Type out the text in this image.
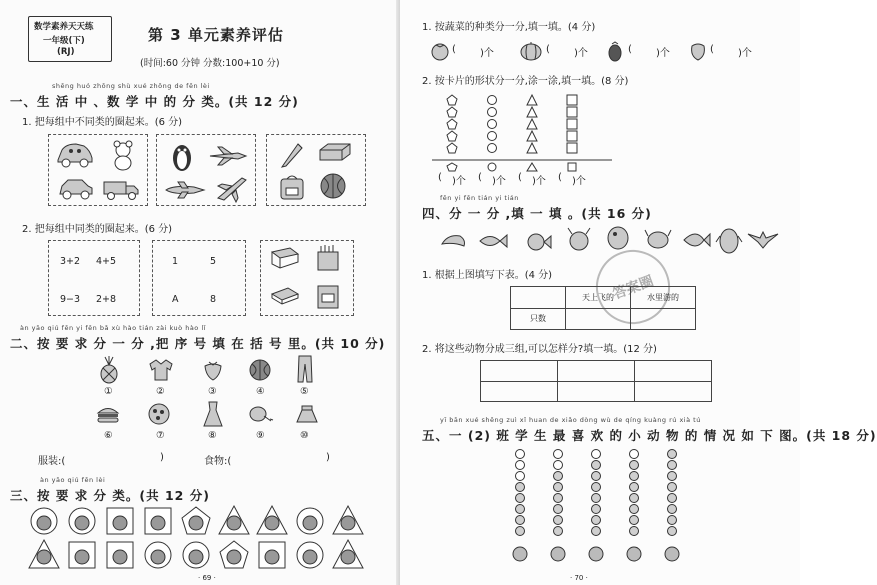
数学素养天天练
一年级(下)
(RJ)
第 3 单元素养评估
(时间:60 分钟 分数:100+10 分)
shēng huó zhōng shù xué zhōng de fēn lèi
一、生 活 中 、数 学 中 的 分 类。(共 12 分)
1. 把每组中不同类的圈起来。(6 分)
2. 把每组中同类的圈起来。(6 分)
3+2 4+5
9−3 2+8
1	5
A	8
àn yāo qiú fēn yi fēn bǎ xù hào tián zài kuò hào lǐ
二、按 要 求 分 一 分 ,把 序 号 填 在 括 号 里。(共 10 分)
①	②	③	④	⑤
⑥	⑦	⑧	⑨	⑩
服装:(	)	食物:(	)
àn yāo qiú fēn lèi
三、按 要 求 分 类。(共 12 分)
· 69 ·
1. 按蔬菜的种类分一分,填一填。(4 分)
( )个	( )个	( )个	( )个
2. 按卡片的形状分一分,涂一涂,填一填。(8 分)
( )个 ( )个 ( )个 ( )个
fēn yi fēn tián yi tián
四、分 一 分 ,填 一 填 。(共 16 分)
答案圈
1. 根据上图填写下表。(4 分)
	天上飞的	水里游的
只数		
2. 将这些动物分成三组,可以怎样分?填一填。(12 分)

yī bān xué shēng zuì xǐ huan de xiǎo dòng wù de qíng kuàng rú xià tú
五、一 (2) 班 学 生 最 喜 欢 的 小 动 物 的 情 况 如 下 图。(共 18 分)
· 70 ·
